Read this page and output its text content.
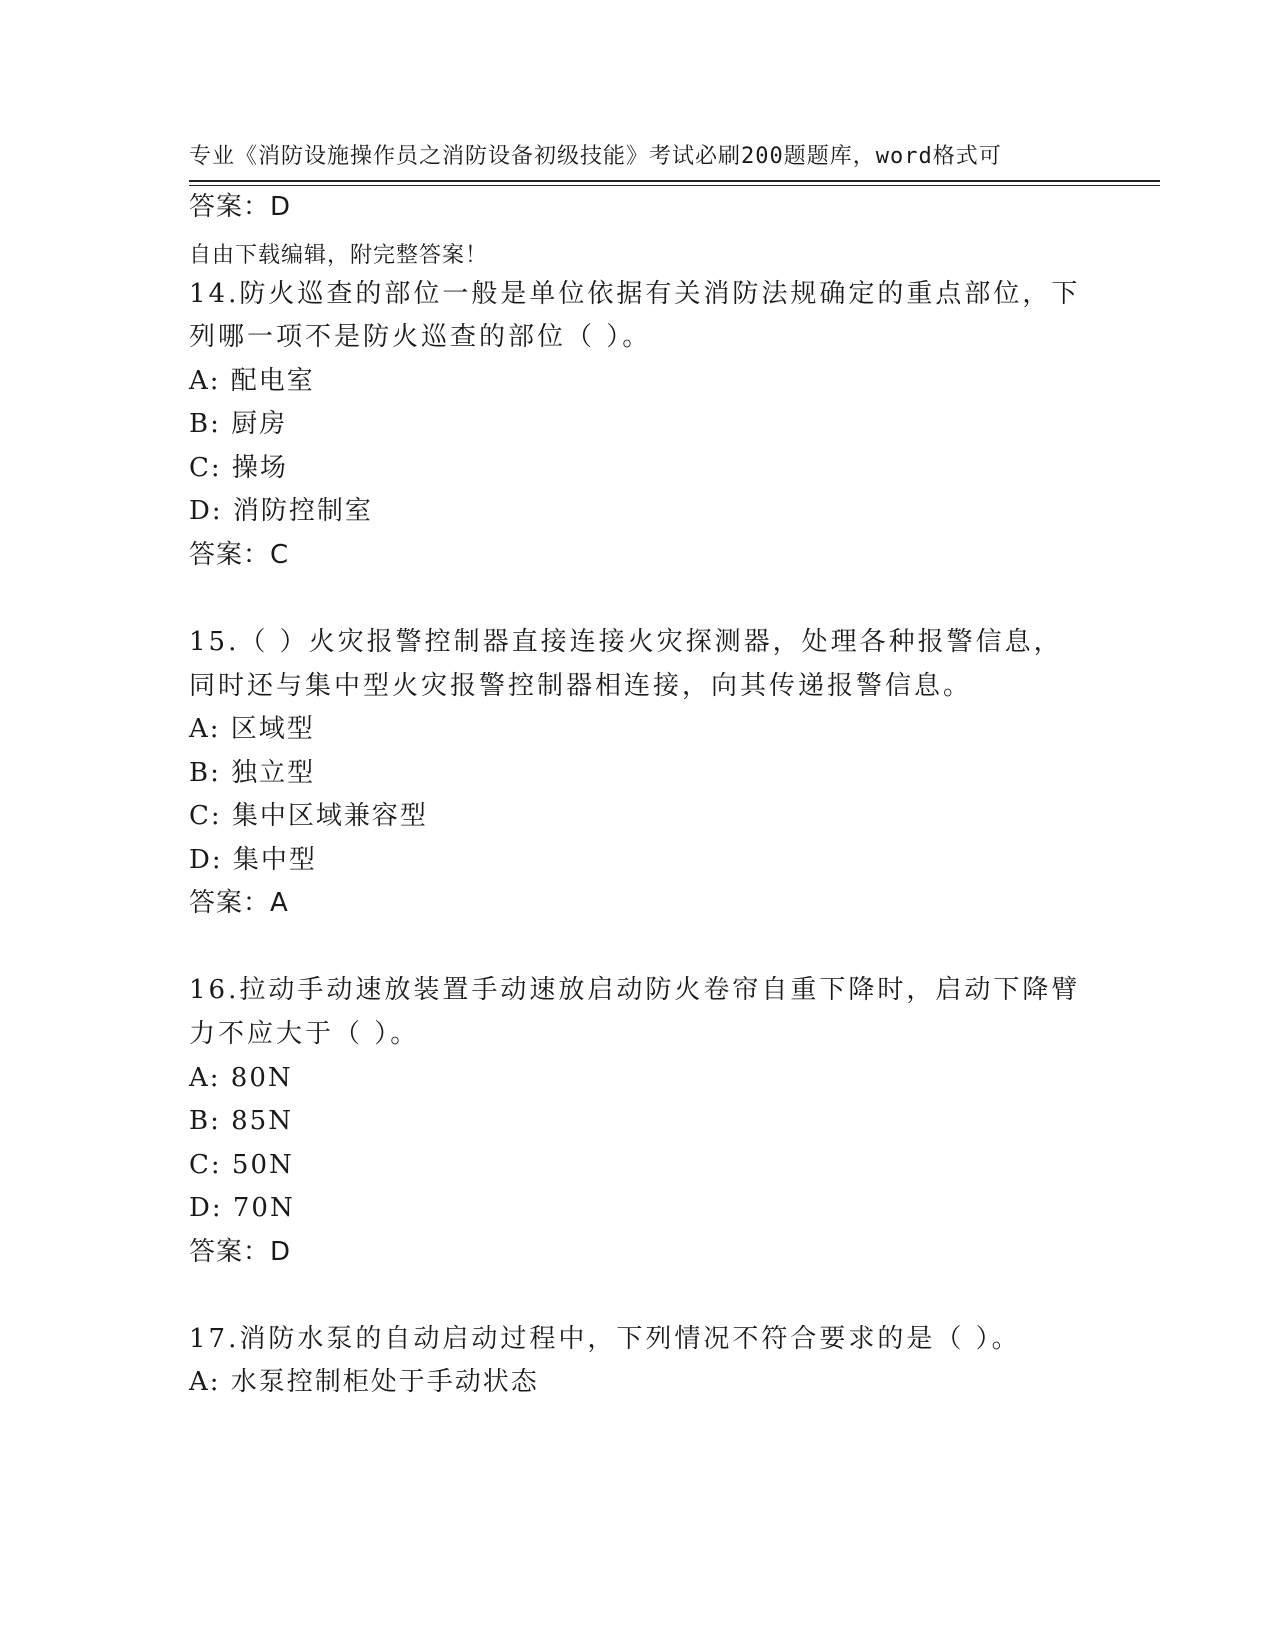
专业《消防设施操作员之消防设备初级技能》考试必刷200题题库，word格式可

自由下载编辑，附完整答案！

答案：D
14.防火巡查的部位一般是单位依据有关消防法规确定的重点部位，下
列哪一项不是防火巡查的部位（ ）。
A: 配电室
B: 厨房
C: 操场
D: 消防控制室
答案：C
15.（ ）火灾报警控制器直接连接火灾探测器，处理各种报警信息，
同时还与集中型火灾报警控制器相连接，向其传递报警信息。
A: 区域型
B: 独立型
C: 集中区域兼容型
D: 集中型
答案：A
16.拉动手动速放装置手动速放启动防火卷帘自重下降时，启动下降臂
力不应大于（ ）。
A: 80N
B: 85N
C: 50N
D: 70N
答案：D
17.消防水泵的自动启动过程中，下列情况不符合要求的是（ ）。
A: 水泵控制柜处于手动状态
